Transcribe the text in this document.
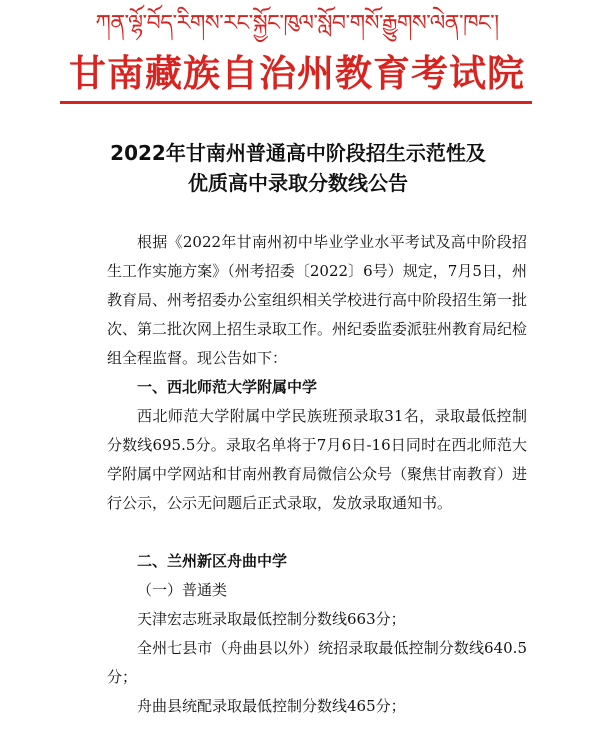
ཀན་ལྷོ་བོད་རིགས་རང་སྐྱོང་ཁུལ་སློབ་གསོ་རྒྱུགས་ལེན་ཁང་།
甘南藏族自治州教育考试院
2022年甘南州普通高中阶段招生示范性及
优质高中录取分数线公告

根据《2022年甘南州初中毕业学业水平考试及高中阶段招生工作实施方案》（州考招委〔2022〕6号）规定，7月5日，州教育局、州考招委办公室组织相关学校进行高中阶段招生第一批次、第二批次网上招生录取工作。州纪委监委派驻州教育局纪检组全程监督。现公告如下：

一、西北师范大学附属中学

西北师范大学附属中学民族班预录取31名，录取最低控制分数线695.5分。录取名单将于7月6日-16日同时在西北师范大学附属中学网站和甘南州教育局微信公众号（聚焦甘南教育）进行公示，公示无问题后正式录取，发放录取通知书。

二、兰州新区舟曲中学
（一）普通类

天津宏志班录取最低控制分数线663分；

全州七县市（舟曲县以外）统招录取最低控制分数线640.5分；

舟曲县统配录取最低控制分数线465分；
